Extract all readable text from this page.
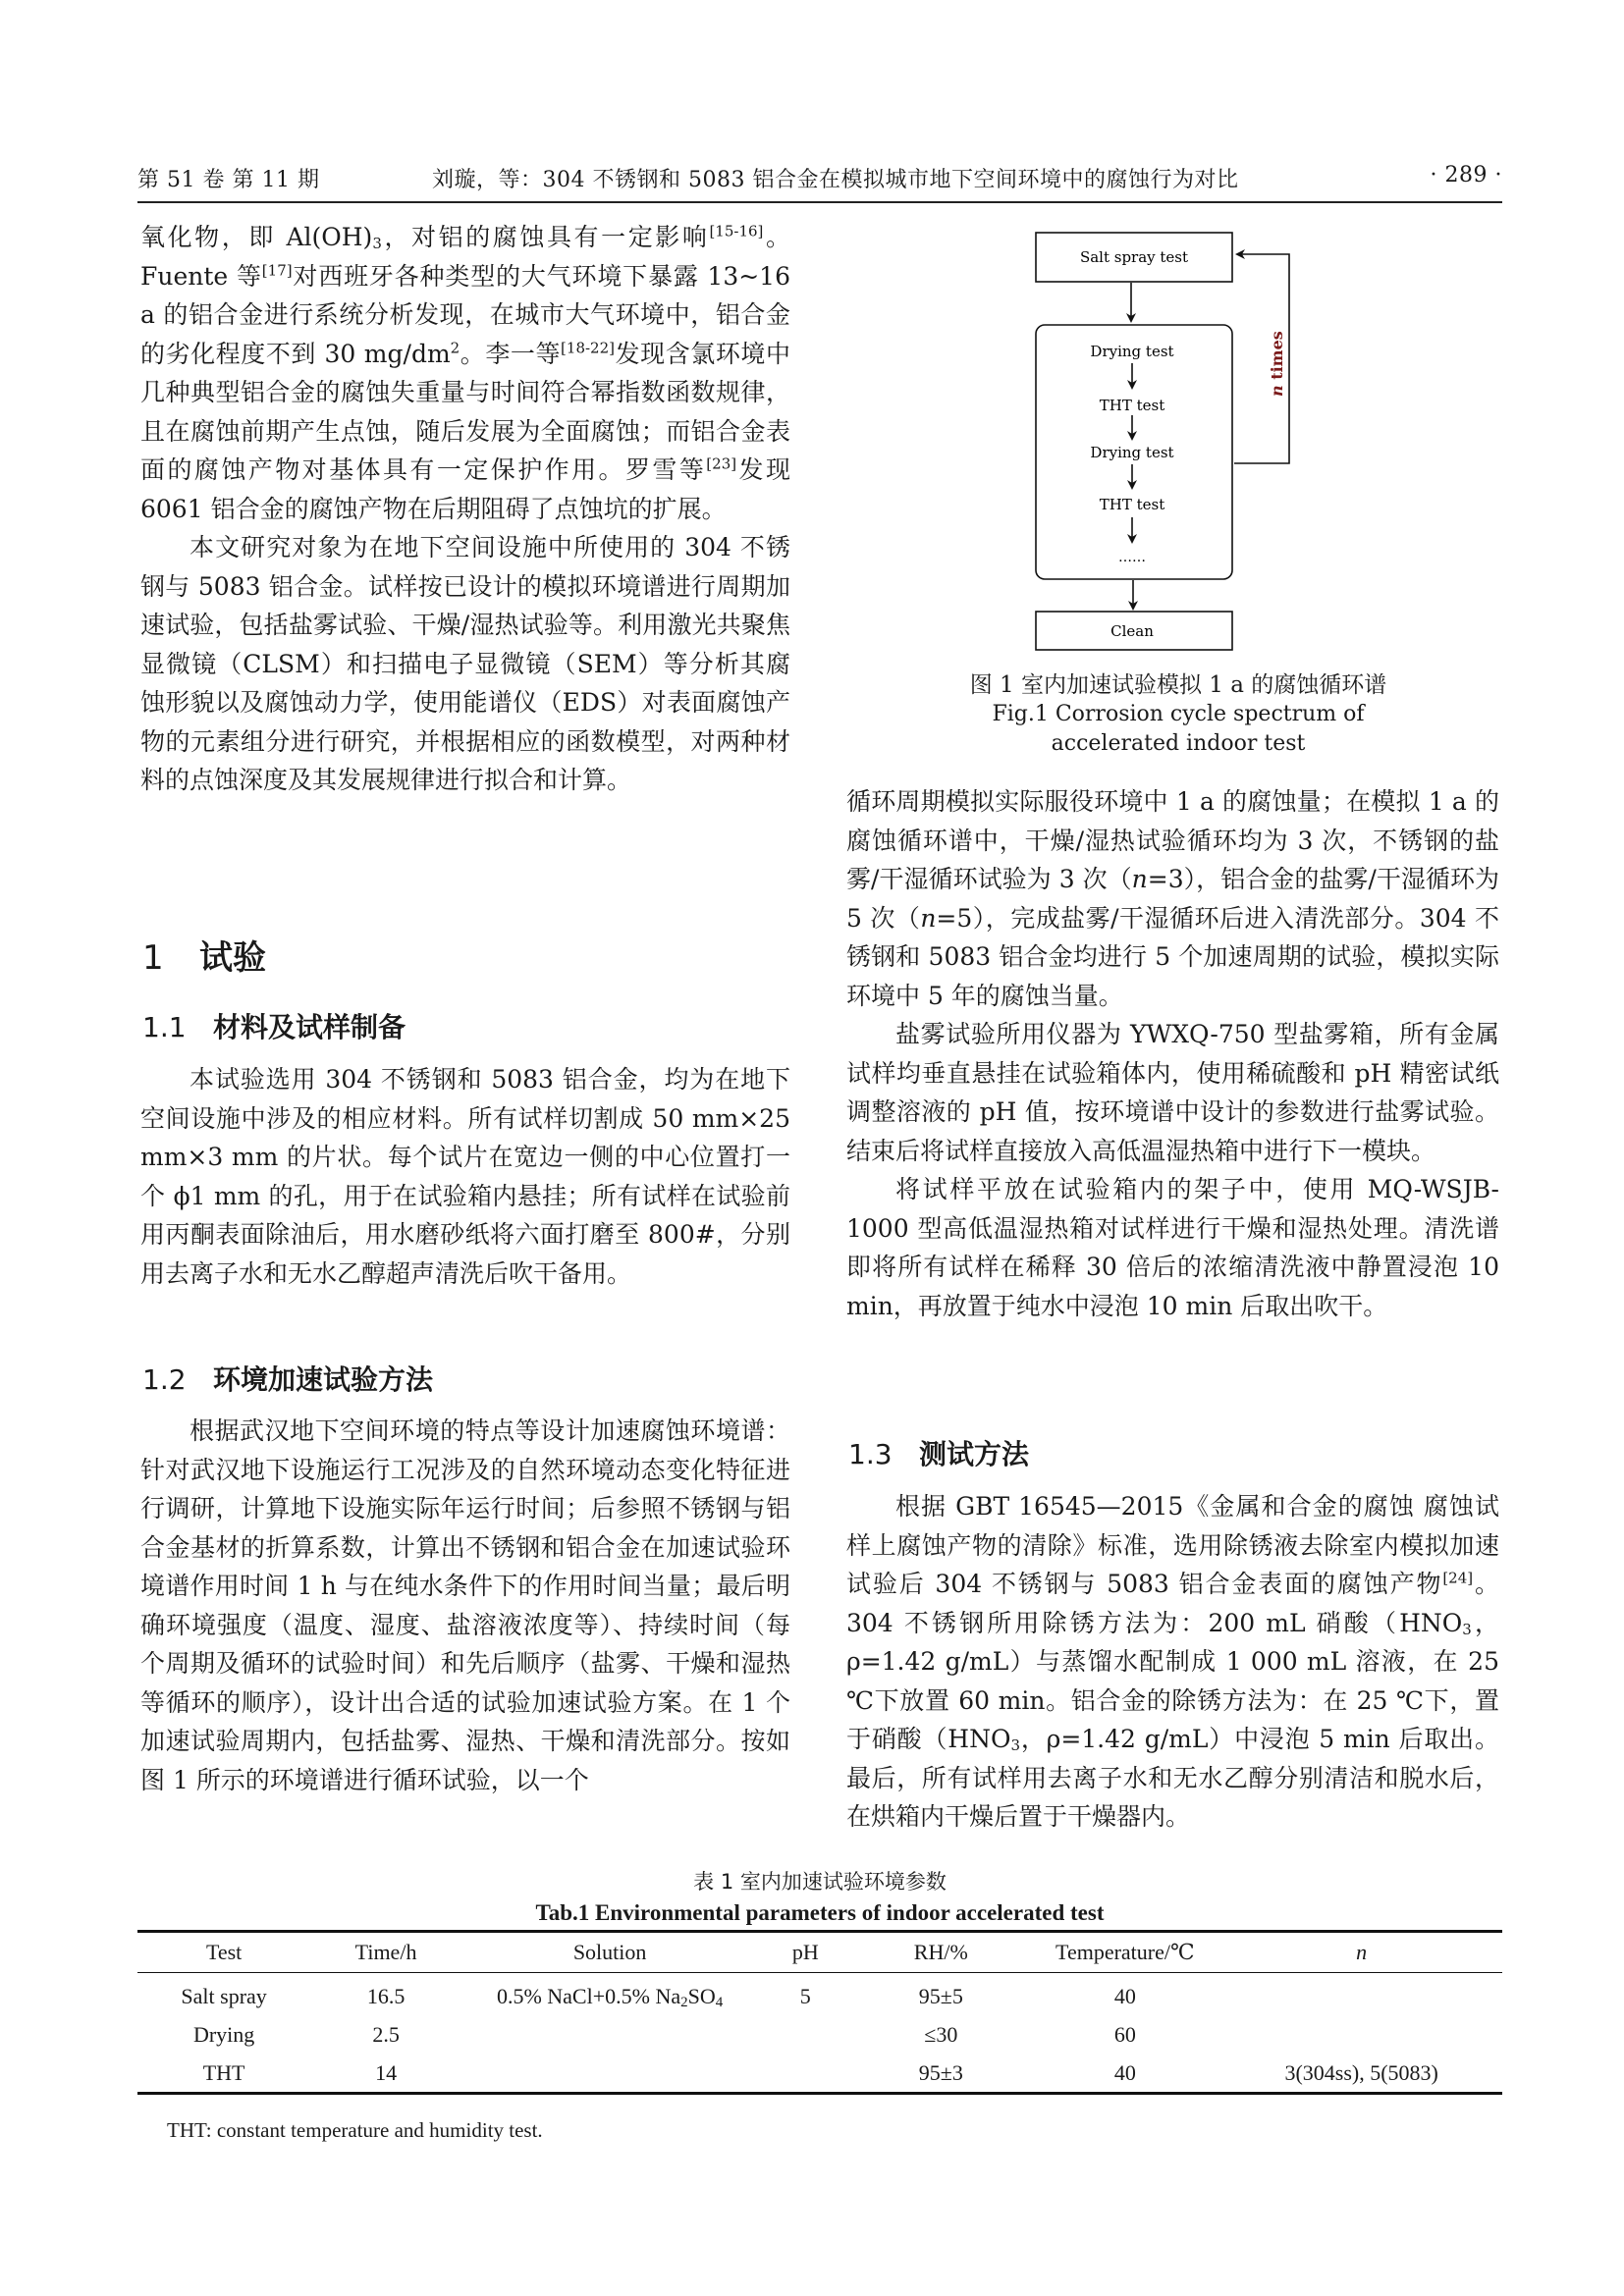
第 51 卷 第 11 期	刘璇，等：304 不锈钢和 5083 铝合金在模拟城市地下空间环境中的腐蚀行为对比	· 289 ·

氧化物，即 $Al(OH)_3$，对铝的腐蚀具有一定影响[15-16]。Fuente 等[17]对西班牙各种类型的大气环境下暴露 13~16 a 的铝合金进行系统分析发现，在城市大气环境中，铝合金的劣化程度不到 30 $mg/dm^2$。李一等[18-22]发现含氯环境中几种典型铝合金的腐蚀失重量与时间符合幂指数函数规律，且在腐蚀前期产生点蚀，随后发展为全面腐蚀；而铝合金表面的腐蚀产物对基体具有一定保护作用。罗雪等[23]发现 6061 铝合金的腐蚀产物在后期阻碍了点蚀坑的扩展。

本文研究对象为在地下空间设施中所使用的 304 不锈钢与 5083 铝合金。试样按已设计的模拟环境谱进行周期加速试验，包括盐雾试验、干燥/湿热试验等。利用激光共聚焦显微镜（CLSM）和扫描电子显微镜（SEM）等分析其腐蚀形貌以及腐蚀动力学，使用能谱仪（EDS）对表面腐蚀产物的元素组分进行研究，并根据相应的函数模型，对两种材料的点蚀深度及其发展规律进行拟合和计算。

1 试验
1.1 材料及试样制备

本试验选用 304 不锈钢和 5083 铝合金，均为在地下空间设施中涉及的相应材料。所有试样切割成 50 mm×25 mm×3 mm 的片状。每个试片在宽边一侧的中心位置打一个 ϕ1 mm 的孔，用于在试验箱内悬挂；所有试样在试验前用丙酮表面除油后，用水磨砂纸将六面打磨至 800#，分别用去离子水和无水乙醇超声清洗后吹干备用。

1.2 环境加速试验方法

根据武汉地下空间环境的特点等设计加速腐蚀环境谱：针对武汉地下设施运行工况涉及的自然环境动态变化特征进行调研，计算地下设施实际年运行时间；后参照不锈钢与铝合金基材的折算系数，计算出不锈钢和铝合金在加速试验环境谱作用时间 1 h 与在纯水条件下的作用时间当量；最后明确环境强度（温度、湿度、盐溶液浓度等）、持续时间（每个周期及循环的试验时间）和先后顺序（盐雾、干燥和湿热等循环的顺序），设计出合适的试验加速试验方案。在 1 个加速试验周期内，包括盐雾、湿热、干燥和清洗部分。按如图 1 所示的环境谱进行循环试验，以一个

Salt spray test
Drying test
THT test
Drying test
THT test
……
Clean
n times
图 1 室内加速试验模拟 1 a 的腐蚀循环谱
Fig.1 Corrosion cycle spectrum of
accelerated indoor test

循环周期模拟实际服役环境中 1 a 的腐蚀量；在模拟 1 a 的腐蚀循环谱中，干燥/湿热试验循环均为 3 次，不锈钢的盐雾/干湿循环试验为 3 次（n=3），铝合金的盐雾/干湿循环为 5 次（n=5），完成盐雾/干湿循环后进入清洗部分。304 不锈钢和 5083 铝合金均进行 5 个加速周期的试验，模拟实际环境中 5 年的腐蚀当量。

盐雾试验所用仪器为 YWXQ-750 型盐雾箱，所有金属试样均垂直悬挂在试验箱体内，使用稀硫酸和 pH 精密试纸调整溶液的 pH 值，按环境谱中设计的参数进行盐雾试验。结束后将试样直接放入高低温湿热箱中进行下一模块。

将试样平放在试验箱内的架子中，使用 MQ-WSJB-1000 型高低温湿热箱对试样进行干燥和湿热处理。清洗谱即将所有试样在稀释 30 倍后的浓缩清洗液中静置浸泡 10 min，再放置于纯水中浸泡 10 min 后取出吹干。

1.3 测试方法

根据 GBT 16545—2015《金属和合金的腐蚀 腐蚀试样上腐蚀产物的清除》标准，选用除锈液去除室内模拟加速试验后 304 不锈钢与 5083 铝合金表面的腐蚀产物[24]。304 不锈钢所用除锈方法为：200 mL 硝酸（$HNO_3$，ρ=1.42 g/mL）与蒸馏水配制成 1 000 mL 溶液，在 25 ℃下放置 60 min。铝合金的除锈方法为：在 25 ℃下，置于硝酸（$HNO_3$，ρ=1.42 g/mL）中浸泡 5 min 后取出。最后，所有试样用去离子水和无水乙醇分别清洁和脱水后，在烘箱内干燥后置于干燥器内。

表 1 室内加速试验环境参数
Tab.1 Environmental parameters of indoor accelerated test
Test	Time/h	Solution	pH	RH/%	Temperature/℃	n
Salt spray	16.5	0.5% NaCl+0.5% $Na_2SO_4$	5	95±5	40	
Drying	2.5			≤30	60	
THT	14			95±3	40	3(304ss), 5(5083)
THT: constant temperature and humidity test.
